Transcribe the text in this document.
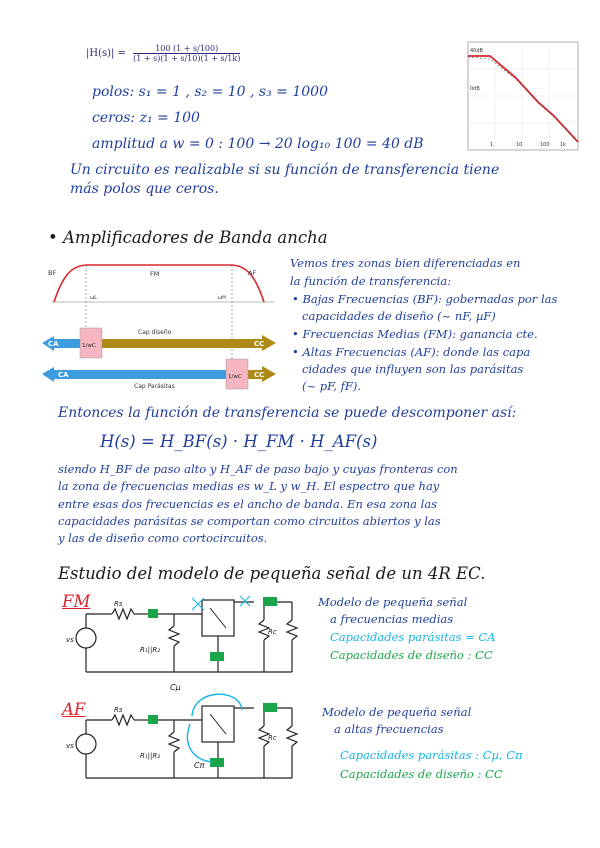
$|H(s)| = \frac{100 (1 + s/100)}{(1 + s)(1 + s/10)(1 + s/1k)}$
polos: s₁ = 1 , s₂ = 10 , s₃ = 1000
ceros: z₁ = 100
amplitud a w = 0 : 100 → 20 log₁₀ 100 = 40 dB
Un circuito es realizable si su función de transferencia tiene
más polos que ceros.
40dB
0dB
1	10	100 1k
• Amplificadores de Banda ancha
BF	FM	AF
ωL	ωH
1/wC
Cap diseño
CA	CC
1/wC
Cap Parásitas
CA	CC
Vemos tres zonas bien diferenciadas en
la función de transferencia:
• Bajas Frecuencias (BF): gobernadas por las
capacidades de diseño (~ nF, µF)
• Frecuencias Medias (FM): ganancia cte.
• Altas Frecuencias (AF): donde las capa
cidades que influyen son las parásitas
(~ pF, fF).
Entonces la función de transferencia se puede descomponer así:
H(s) = H_BF(s) · H_FM · H_AF(s)
siendo H_BF de paso alto y H_AF de paso bajo y cuyas fronteras con
la zona de frecuencias medias es w_L y w_H. El espectro que hay
entre esas dos frecuencias es el ancho de banda. En esa zona las
capacidades parásitas se comportan como circuitos abiertos y las
y las de diseño como cortocircuitos.
Estudio del modelo de pequeña señal de un 4R EC.
FM	Rs
R₁||R₂
Rc
vs
Modelo de pequeña señal
a frecuencias medias
Capacidades parásitas = CA
Capacidades de diseño : CC
AF
Cµ
Cπ
Rs
R₁||R₂
Rc
vs
Modelo de pequeña señal
a altas frecuencias
Capacidades parásitas : Cµ, Cπ
Capacidades de diseño : CC
